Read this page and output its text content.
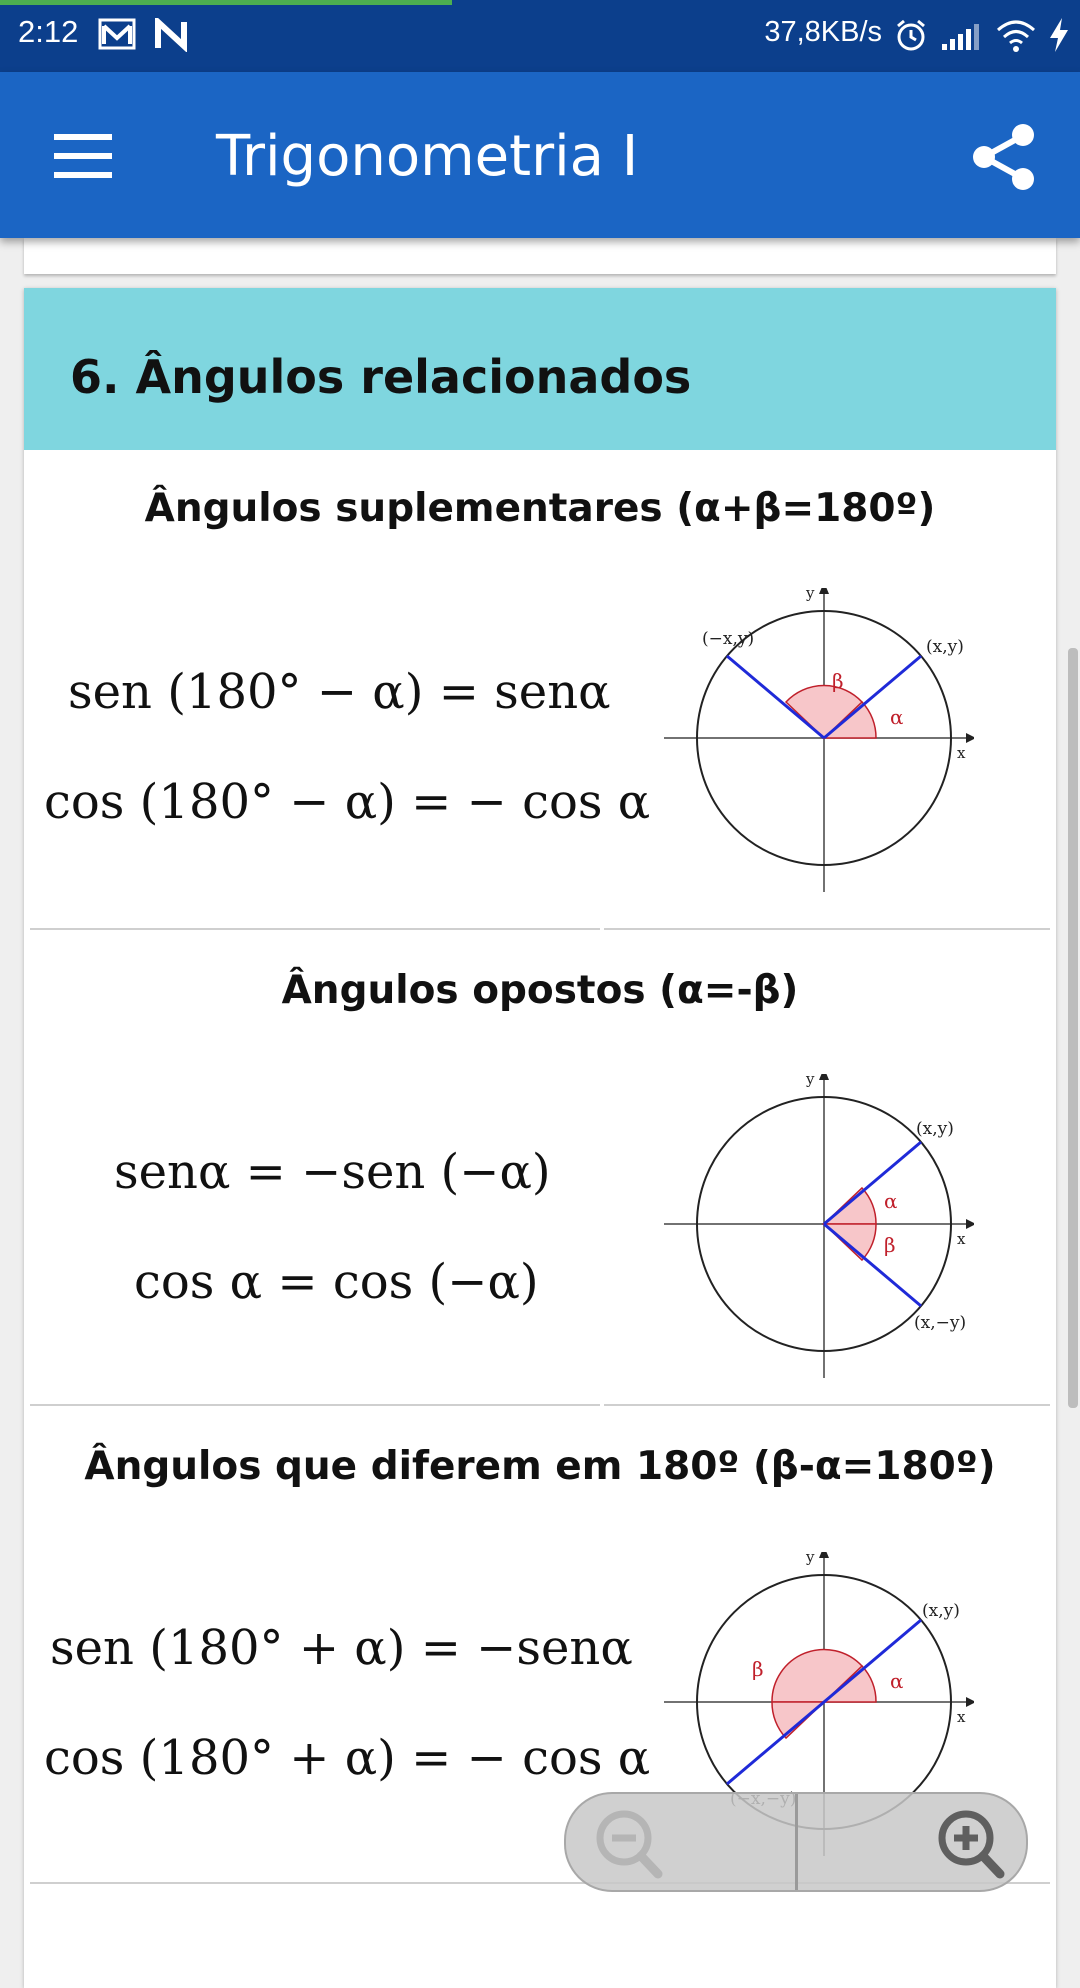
2:12	37,8KB/s
Trigonometria I
6. Ângulos relacionados
Ângulos suplementares (α+β=180º)
sen (180° − α) = senα
cos (180° − α) = − cos α
β
α
x
y
(x,y)
(−x,y)
Ângulos opostos (α=-β)
senα = −sen (−α)
cos α = cos (−α)
α
β	x
y
(x,y)
(x,−y)
Ângulos que diferem em 180º (β-α=180º)
sen (180° + α) = −senα
cos (180° + α) = − cos α
α
β
x
y
(x,y)
